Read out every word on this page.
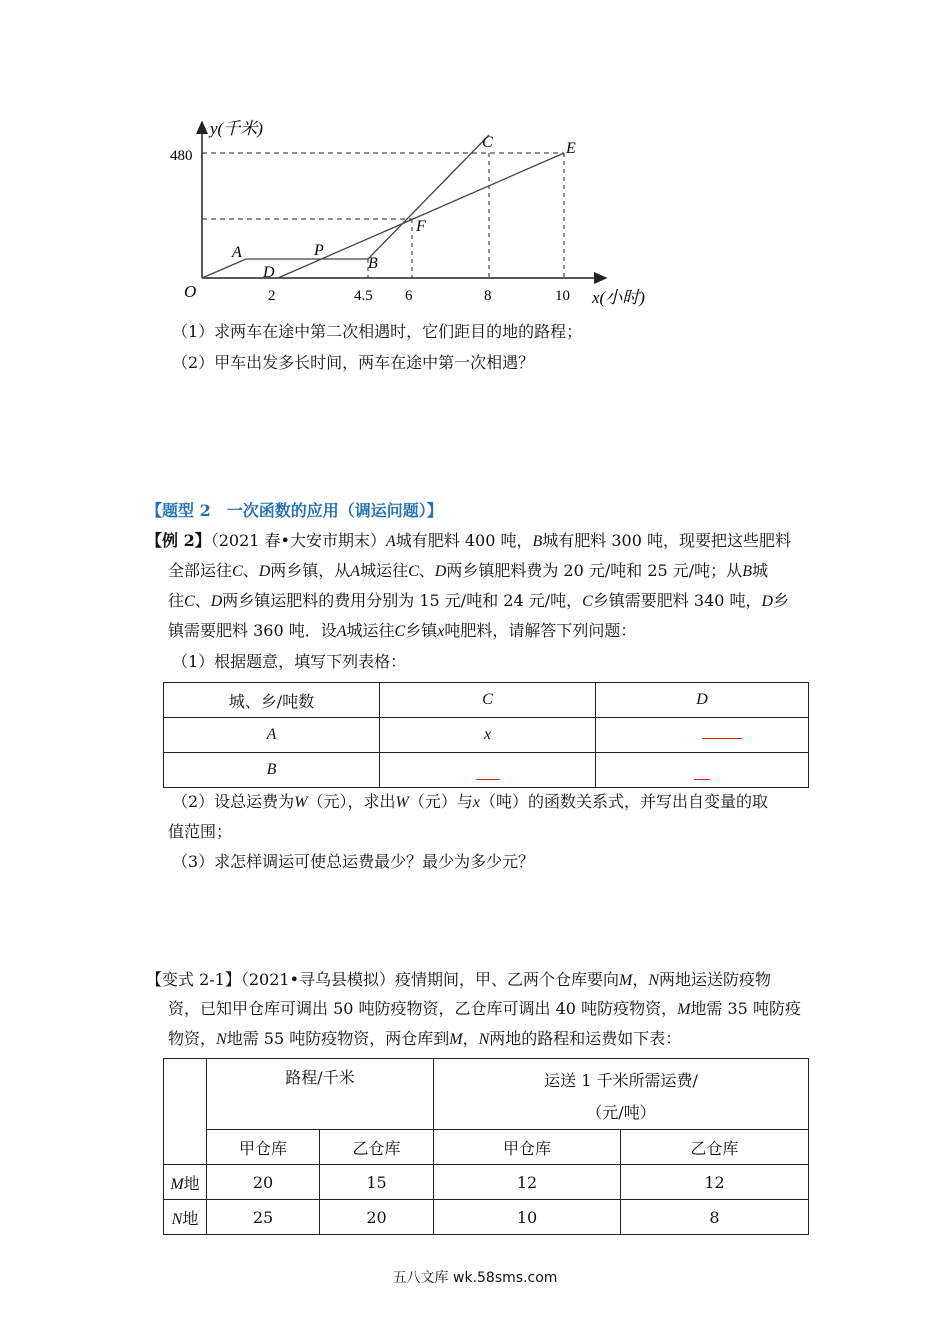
y(千米)
480
O	2	4.5 6	8	10 x(小时)
A
D
P
B
F
C	E
（1）求两车在途中第二次相遇时，它们距目的地的路程；
（2）甲车出发多长时间，两车在途中第一次相遇？
【题型 2　一次函数的应用（调运问题）】
【例 2】（2021 春•大安市期末）A城有肥料 400 吨，B城有肥料 300 吨，现要把这些肥料
全部运往C、D两乡镇，从A城运往C、D两乡镇肥料费为 20 元/吨和 25 元/吨；从B城
往C、D两乡镇运肥料的费用分别为 15 元/吨和 24 元/吨，C乡镇需要肥料 340 吨，D乡
镇需要肥料 360 吨．设A城运往C乡镇x吨肥料，请解答下列问题：
（1）根据题意，填写下列表格：
城、乡/吨数	C	D
A	x	
B		
（2）设总运费为W（元），求出W（元）与x（吨）的函数关系式，并写出自变量的取
值范围；
（3）求怎样调运可使总运费最少？最少为多少元？
【变式 2-1】（2021•寻乌县模拟）疫情期间，甲、乙两个仓库要向M，N两地运送防疫物
资，已知甲仓库可调出 50 吨防疫物资，乙仓库可调出 40 吨防疫物资，M地需 35 吨防疫
物资，N地需 55 吨防疫物资，两仓库到M，N两地的路程和运费如下表：
	路程/千米		运送 1 千米所需运费/
（元/吨）	

	甲仓库	乙仓库	甲仓库	乙仓库
M地	20	15	12	12
N地	25	20	10	8
五八文库 wk.58sms.com
